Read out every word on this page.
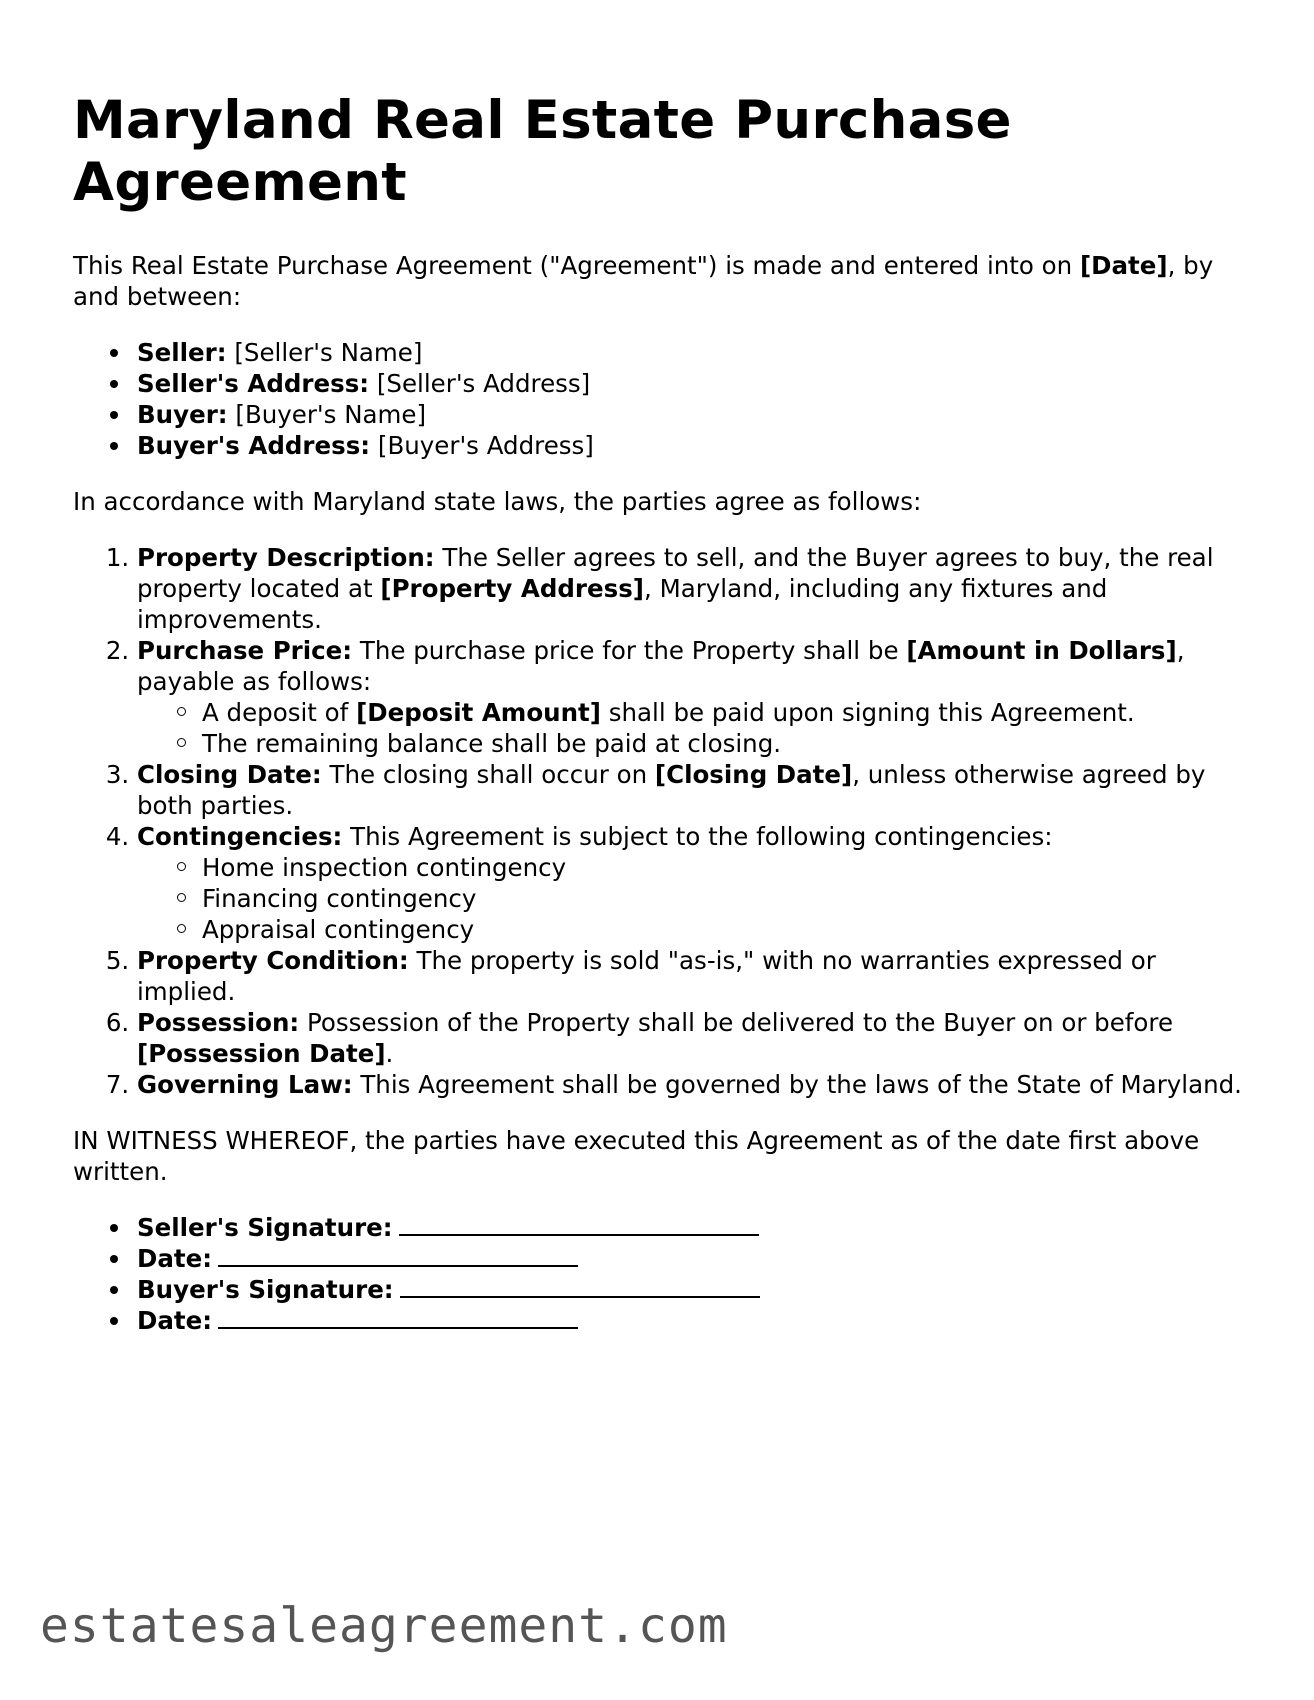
Maryland Real Estate Purchase Agreement

This Real Estate Purchase Agreement ("Agreement") is made and entered into on [Date], by and between:

Seller: [Seller's Name]
Seller's Address: [Seller's Address]
Buyer: [Buyer's Name]
Buyer's Address: [Buyer's Address]

In accordance with Maryland state laws, the parties agree as follows:

1. Property Description: The Seller agrees to sell, and the Buyer agrees to buy, the real property located at [Property Address], Maryland, including any fixtures and improvements.
2. Purchase Price: The purchase price for the Property shall be [Amount in Dollars], payable as follows:
A deposit of [Deposit Amount] shall be paid upon signing this Agreement.
The remaining balance shall be paid at closing.
3. Closing Date: The closing shall occur on [Closing Date], unless otherwise agreed by both parties.
4. Contingencies: This Agreement is subject to the following contingencies:
Home inspection contingency
Financing contingency
Appraisal contingency
5. Property Condition: The property is sold "as-is," with no warranties expressed or implied.
6. Possession: Possession of the Property shall be delivered to the Buyer on or before [Possession Date].
7. Governing Law: This Agreement shall be governed by the laws of the State of Maryland.

IN WITNESS WHEREOF, the parties have executed this Agreement as of the date first above written.

Seller's Signature:
Date:
Buyer's Signature:
Date:
estatesaleagreement.com
